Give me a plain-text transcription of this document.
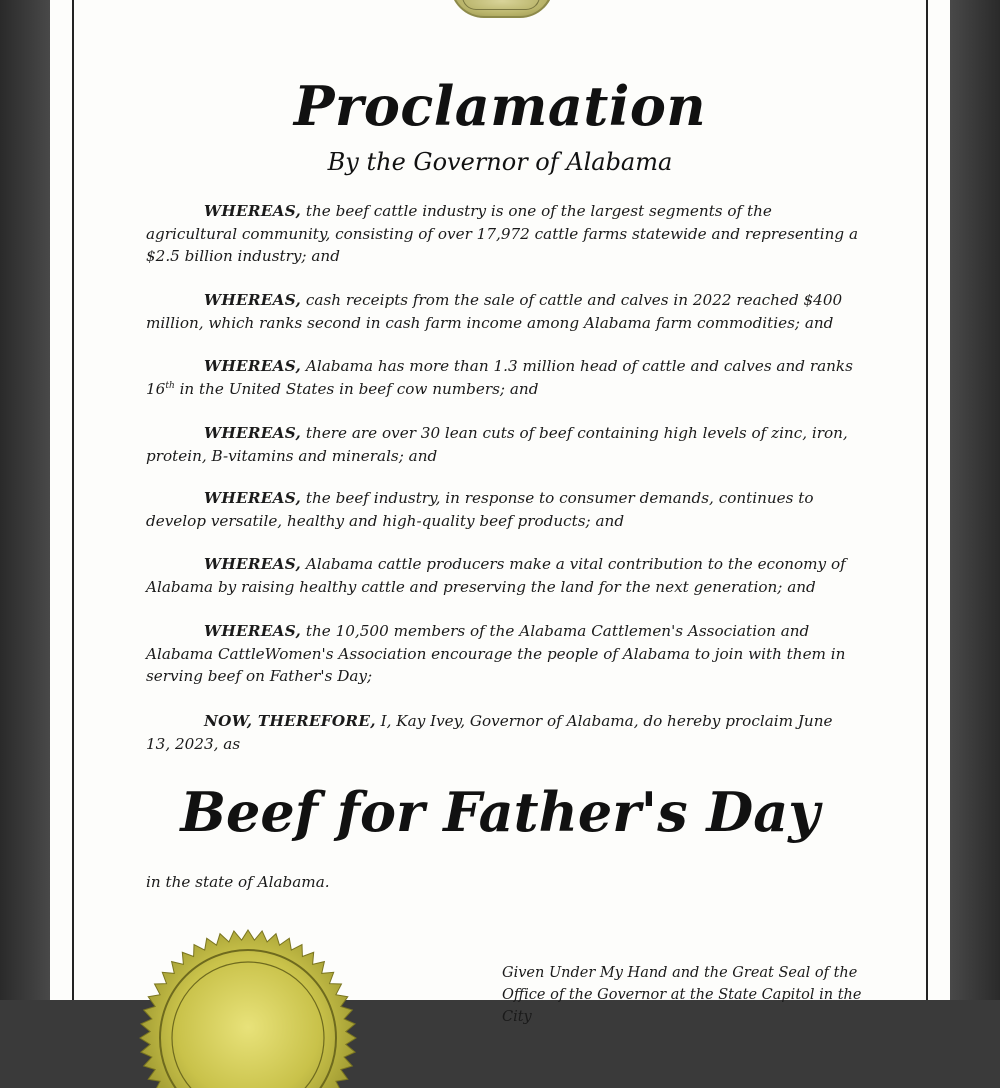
Proclamation
By the Governor of Alabama

WHEREAS, the beef cattle industry is one of the largest segments of the agricultural community, consisting of over 17,972 cattle farms statewide and representing a $2.5 billion industry; and

WHEREAS, cash receipts from the sale of cattle and calves in 2022 reached $400 million, which ranks second in cash farm income among Alabama farm commodities; and

WHEREAS, Alabama has more than 1.3 million head of cattle and calves and ranks 16th in the United States in beef cow numbers; and

WHEREAS, there are over 30 lean cuts of beef containing high levels of zinc, iron, protein, B-vitamins and minerals; and

WHEREAS, the beef industry, in response to consumer demands, continues to develop versatile, healthy and high-quality beef products; and

WHEREAS, Alabama cattle producers make a vital contribution to the economy of Alabama by raising healthy cattle and preserving the land for the next generation; and

WHEREAS, the 10,500 members of the Alabama Cattlemen's Association and Alabama CattleWomen's Association encourage the people of Alabama to join with them in serving beef on Father's Day;

NOW, THEREFORE, I, Kay Ivey, Governor of Alabama, do hereby proclaim June 13, 2023, as

Beef for Father's Day
in the state of Alabama.
Given Under My Hand and the Great Seal of the
Office of the Governor at the State Capitol in the City
